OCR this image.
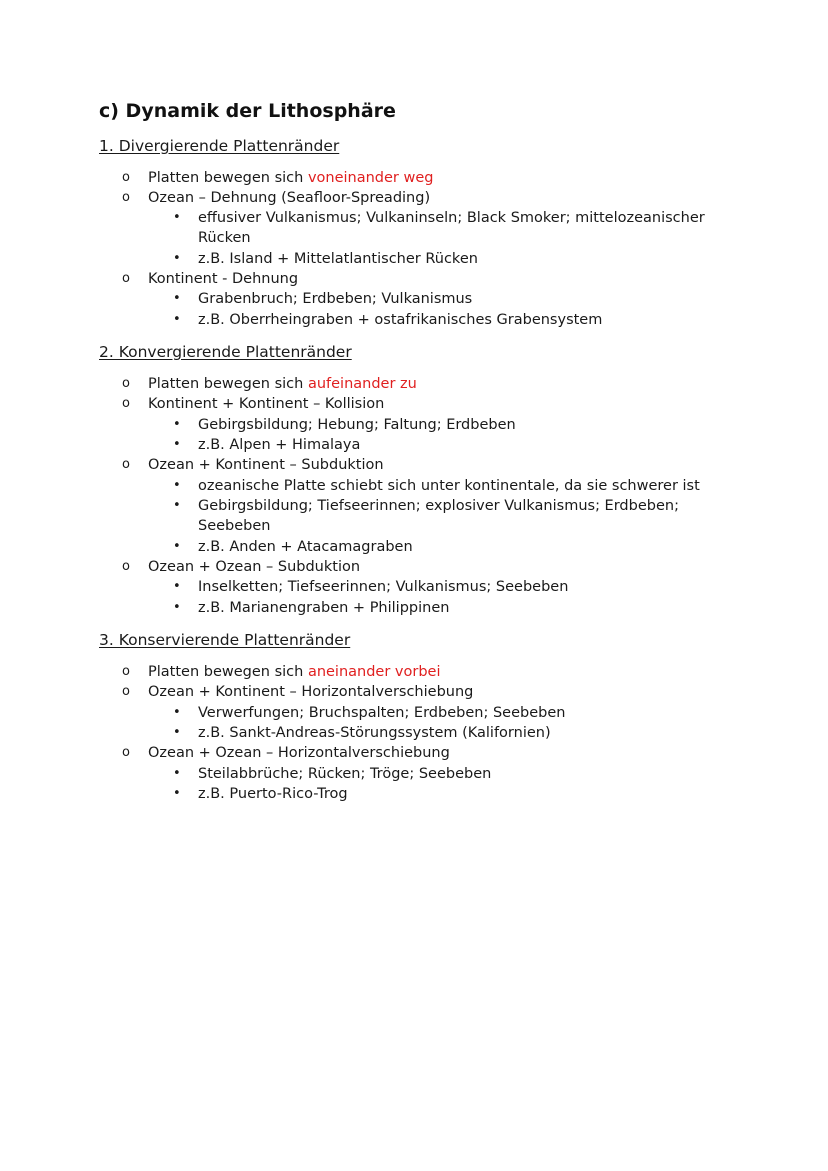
c) Dynamik der Lithosphäre
1. Divergierende Plattenränder
o Platten bewegen sich voneinander weg
o Ozean – Dehnung (Seafloor-Spreading)
• effusiver Vulkanismus; Vulkaninseln; Black Smoker; mittelozeanischer
Rücken
• z.B. Island + Mittelatlantischer Rücken
o Kontinent - Dehnung
• Grabenbruch; Erdbeben; Vulkanismus
• z.B. Oberrheingraben + ostafrikanisches Grabensystem
2. Konvergierende Plattenränder
o Platten bewegen sich aufeinander zu
o Kontinent + Kontinent – Kollision
• Gebirgsbildung; Hebung; Faltung; Erdbeben
• z.B. Alpen + Himalaya
o Ozean + Kontinent – Subduktion
• ozeanische Platte schiebt sich unter kontinentale, da sie schwerer ist
• Gebirgsbildung; Tiefseerinnen; explosiver Vulkanismus; Erdbeben;
Seebeben
• z.B. Anden + Atacamagraben
o Ozean + Ozean – Subduktion
• Inselketten; Tiefseerinnen; Vulkanismus; Seebeben
• z.B. Marianengraben + Philippinen
3. Konservierende Plattenränder
o Platten bewegen sich aneinander vorbei
o Ozean + Kontinent – Horizontalverschiebung
• Verwerfungen; Bruchspalten; Erdbeben; Seebeben
• z.B. Sankt-Andreas-Störungssystem (Kalifornien)
o Ozean + Ozean – Horizontalverschiebung
• Steilabbrüche; Rücken; Tröge; Seebeben
• z.B. Puerto-Rico-Trog
